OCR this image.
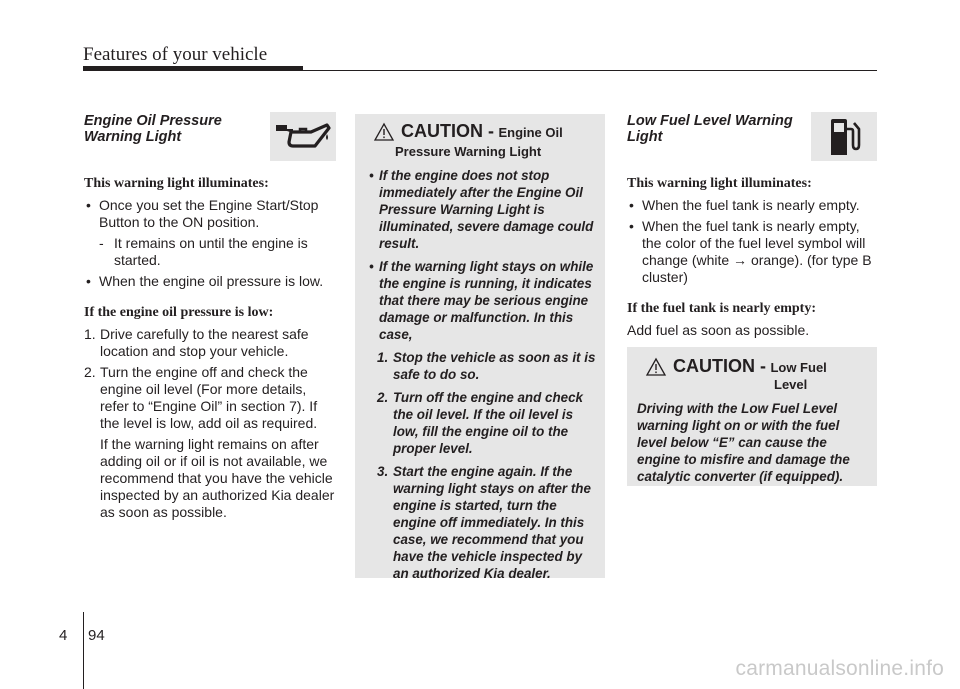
Features of your vehicle
Engine Oil Pressure
Warning Light
This warning light illuminates:
• Once you set the Engine Start/Stop Button to the ON position.
- It remains on until the engine is started.
• When the engine oil pressure is low.
If the engine oil pressure is low:
1. Drive carefully to the nearest safe location and stop your vehicle.
2. Turn the engine off and check the engine oil level (For more details, refer to “Engine Oil” in section 7). If the level is low, add oil as required.
If the warning light remains on after adding oil or if oil is not available, we recommend that you have the vehicle inspected by an authorized Kia dealer as soon as possible.
CAUTION - Engine Oil
Pressure Warning Light
• If the engine does not stop immediately after the Engine Oil Pressure Warning Light is illuminated, severe damage could result.
• If the warning light stays on while the engine is running, it indicates that there may be serious engine damage or malfunction. In this case,
1. Stop the vehicle as soon as it is safe to do so.
2. Turn off the engine and check the oil level. If the oil level is low, fill the engine oil to the proper level.
3. Start the engine again. If the warning light stays on after the engine is started, turn the engine off immediately. In this case, we recommend that you have the vehicle inspected by an authorized Kia dealer.
Low Fuel Level Warning
Light
This warning light illuminates:
• When the fuel tank is nearly empty.
• When the fuel tank is nearly empty, the color of the fuel level symbol will change (white → orange). (for type B cluster)
If the fuel tank is nearly empty:
Add fuel as soon as possible.
CAUTION - Low Fuel
Level
Driving with the Low Fuel Level warning light on or with the fuel level below “E” can cause the engine to misfire and damage the catalytic converter (if equipped).
4 94
carmanualsonline.info
